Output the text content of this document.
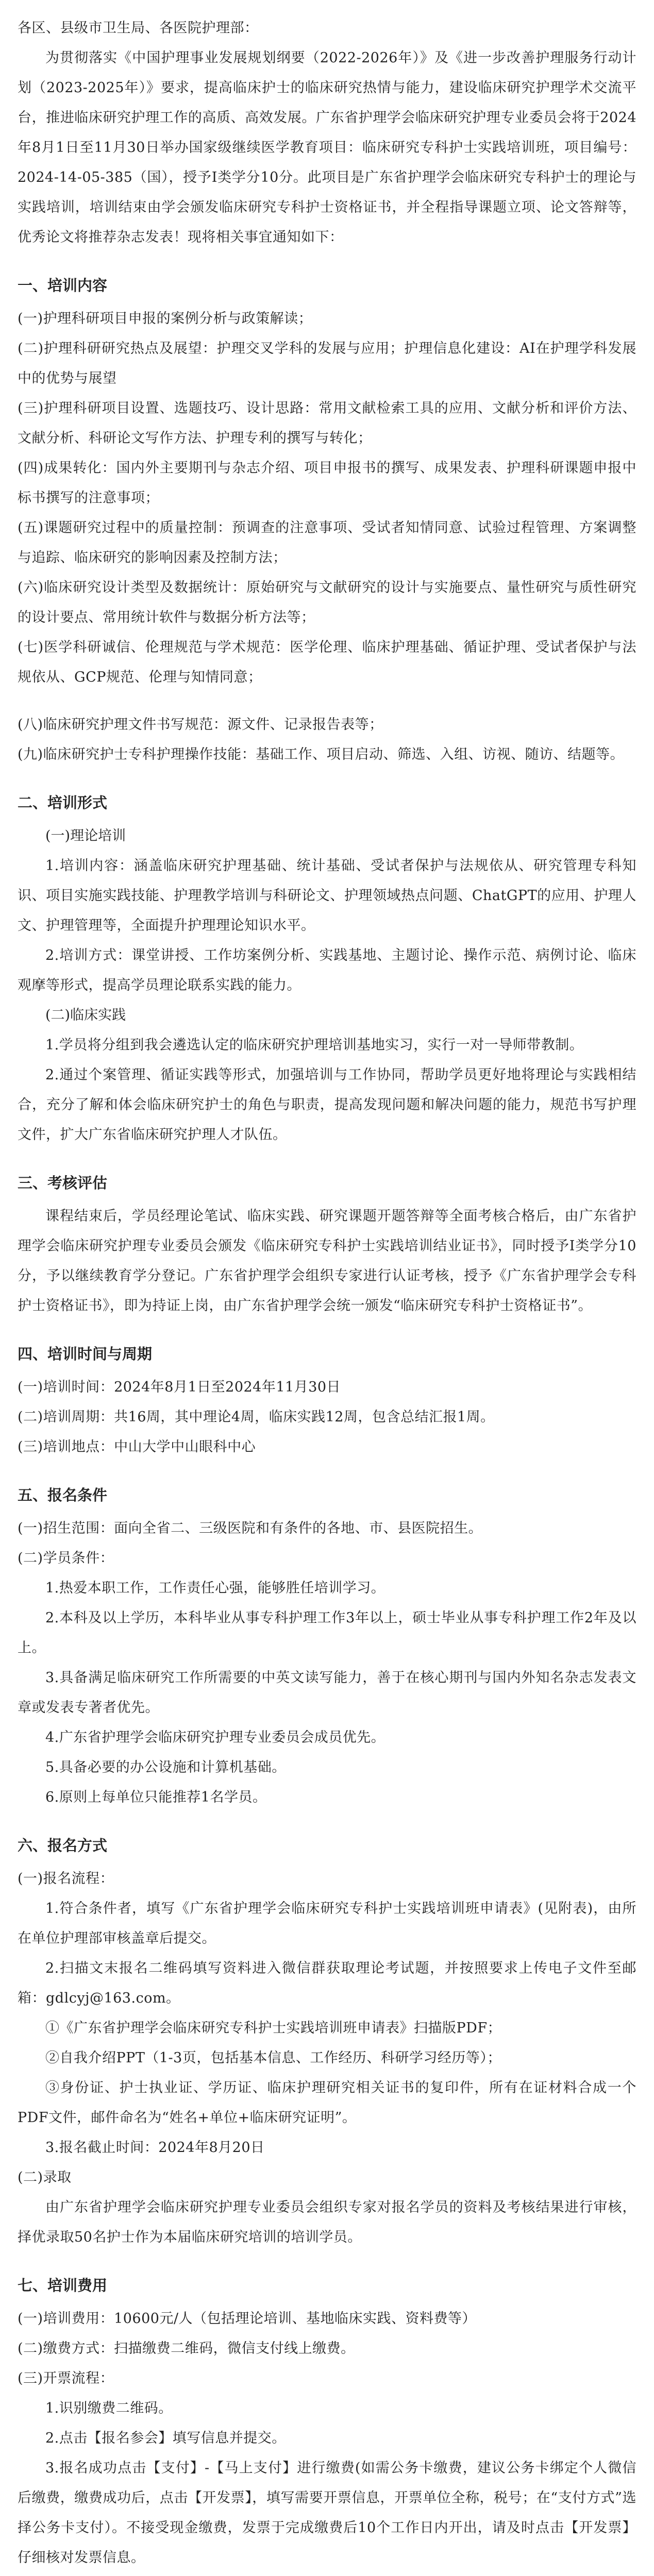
各区、县级市卫生局、各医院护理部：

为贯彻落实《中国护理事业发展规划纲要（2022-2026年）》及《进一步改善护理服务行动计划（2023-2025年）》要求，提高临床护士的临床研究热情与能力，建设临床研究护理学术交流平台，推进临床研究护理工作的高质、高效发展。广东省护理学会临床研究护理专业委员会将于2024年8月1日至11月30日举办国家级继续医学教育项目：临床研究专科护士实践培训班，项目编号：2024-14-05-385（国），授予I类学分10分。此项目是广东省护理学会临床研究专科护士的理论与实践培训，培训结束由学会颁发临床研究专科护士资格证书，并全程指导课题立项、论文答辩等，优秀论文将推荐杂志发表！现将相关事宜通知如下：

一、培训内容

(一)护理科研项目申报的案例分析与政策解读；

(二)护理科研研究热点及展望：护理交叉学科的发展与应用；护理信息化建设：AI在护理学科发展中的优势与展望

(三)护理科研项目设置、选题技巧、设计思路：常用文献检索工具的应用、文献分析和评价方法、文献分析、科研论文写作方法、护理专利的撰写与转化；

(四)成果转化：国内外主要期刊与杂志介绍、项目申报书的撰写、成果发表、护理科研课题申报中标书撰写的注意事项；

(五)课题研究过程中的质量控制：预调查的注意事项、受试者知情同意、试验过程管理、方案调整与追踪、临床研究的影响因素及控制方法；

(六)临床研究设计类型及数据统计：原始研究与文献研究的设计与实施要点、量性研究与质性研究的设计要点、常用统计软件与数据分析方法等；

(七)医学科研诚信、伦理规范与学术规范：医学伦理、临床护理基础、循证护理、受试者保护与法规依从、GCP规范、伦理与知情同意；

(八)临床研究护理文件书写规范：源文件、记录报告表等；

(九)临床研究护士专科护理操作技能：基础工作、项目启动、筛选、入组、访视、随访、结题等。

二、培训形式

(一)理论培训

1.培训内容：涵盖临床研究护理基础、统计基础、受试者保护与法规依从、研究管理专科知识、项目实施实践技能、护理教学培训与科研论文、护理领域热点问题、ChatGPT的应用、护理人文、护理管理等，全面提升护理理论知识水平。

2.培训方式：课堂讲授、工作坊案例分析、实践基地、主题讨论、操作示范、病例讨论、临床观摩等形式，提高学员理论联系实践的能力。

(二)临床实践

1.学员将分组到我会遴选认定的临床研究护理培训基地实习，实行一对一导师带教制。

2.通过个案管理、循证实践等形式，加强培训与工作协同，帮助学员更好地将理论与实践相结合，充分了解和体会临床研究护士的角色与职责，提高发现问题和解决问题的能力，规范书写护理文件，扩大广东省临床研究护理人才队伍。

三、考核评估

课程结束后，学员经理论笔试、临床实践、研究课题开题答辩等全面考核合格后，由广东省护理学会临床研究护理专业委员会颁发《临床研究专科护士实践培训结业证书》，同时授予I类学分10分，予以继续教育学分登记。广东省护理学会组织专家进行认证考核，授予《广东省护理学会专科护士资格证书》，即为持证上岗，由广东省护理学会统一颁发“临床研究专科护士资格证书”。

四、培训时间与周期

(一)培训时间：2024年8月1日至2024年11月30日

(二)培训周期：共16周，其中理论4周，临床实践12周，包含总结汇报1周。

(三)培训地点：中山大学中山眼科中心

五、报名条件

(一)招生范围：面向全省二、三级医院和有条件的各地、市、县医院招生。

(二)学员条件：

1.热爱本职工作，工作责任心强，能够胜任培训学习。

2.本科及以上学历，本科毕业从事专科护理工作3年以上，硕士毕业从事专科护理工作2年及以上。

3.具备满足临床研究工作所需要的中英文读写能力，善于在核心期刊与国内外知名杂志发表文章或发表专著者优先。

4.广东省护理学会临床研究护理专业委员会成员优先。

5.具备必要的办公设施和计算机基础。

6.原则上每单位只能推荐1名学员。

六、报名方式

(一)报名流程：

1.符合条件者，填写《广东省护理学会临床研究专科护士实践培训班申请表》(见附表)，由所在单位护理部审核盖章后提交。

2.扫描文末报名二维码填写资料进入微信群获取理论考试题，并按照要求上传电子文件至邮箱：gdlcyj@163.com。

①《广东省护理学会临床研究专科护士实践培训班申请表》扫描版PDF；

②自我介绍PPT（1-3页，包括基本信息、工作经历、科研学习经历等）；

③身份证、护士执业证、学历证、临床护理研究相关证书的复印件，所有在证材料合成一个PDF文件，邮件命名为“姓名+单位+临床研究证明”。

3.报名截止时间：2024年8月20日

(二)录取

由广东省护理学会临床研究护理专业委员会组织专家对报名学员的资料及考核结果进行审核，择优录取50名护士作为本届临床研究培训的培训学员。

七、培训费用

(一)培训费用：10600元/人（包括理论培训、基地临床实践、资料费等）

(二)缴费方式：扫描缴费二维码，微信支付线上缴费。

(三)开票流程：

1.识别缴费二维码。

2.点击【报名参会】填写信息并提交。

3.报名成功点击【支付】-【马上支付】进行缴费(如需公务卡缴费，建议公务卡绑定个人微信后缴费，缴费成功后，点击【开发票】，填写需要开票信息，开票单位全称，税号；在“支付方式”选择公务卡支付）。不接受现金缴费，发票于完成缴费后10个工作日内开出，请及时点击【开发票】仔细核对发票信息。
